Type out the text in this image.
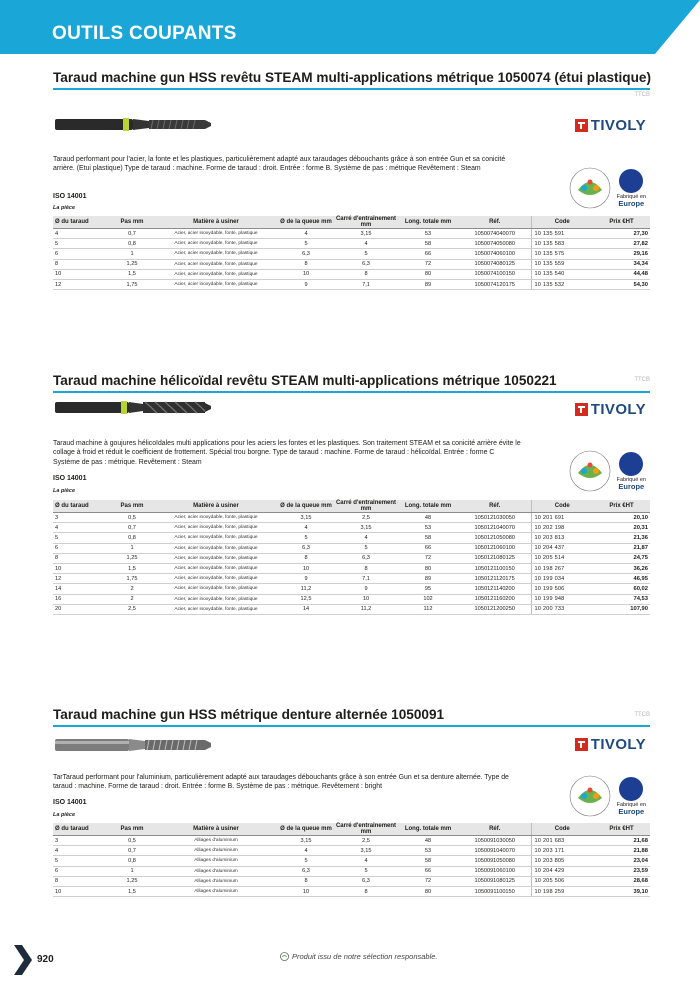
OUTILS COUPANTS
Taraud machine gun HSS revêtu STEAM multi-applications métrique 1050074 (étui plastique)
TTCB
TIVOLY
Taraud performant pour l'acier, la fonte et les plastiques, particulièrement adapté aux taraudages débouchants grâce à son entrée Gun et sa conicité arrière. (Etui plastique) Type de taraud : machine. Forme de taraud : droit. Entrée : forme B. Système de pas : métrique Revêtement : Steam
Fabriqué en
Europe
ISO 14001
La pièce
Ø du taraud	Pas mm	Matière à usiner	Ø de la queue mm	Carré d'entraînement mm	Long. totale mm	Réf.	Code	Prix €HT
4	0,7	Acier, acier inoxydable, fonte, plastique	4	3,15	53	1050074040070	10 135 591	27,30
5	0,8	Acier, acier inoxydable, fonte, plastique	5	4	58	1050074050080	10 135 583	27,82
6	1	Acier, acier inoxydable, fonte, plastique	6,3	5	66	1050074060100	10 135 575	29,16
8	1,25	Acier, acier inoxydable, fonte, plastique	8	6,3	72	1050074080125	10 135 559	34,34
10	1,5	Acier, acier inoxydable, fonte, plastique	10	8	80	1050074100150	10 135 540	44,48
12	1,75	Acier, acier inoxydable, fonte, plastique	9	7,1	89	1050074120175	10 135 532	54,30
Taraud machine hélicoïdal revêtu STEAM multi-applications métrique 1050221	TTCB
TIVOLY
Taraud machine à goujures hélicoïdales multi applications pour les aciers les fontes et les plastiques. Son traitement STEAM et sa conicité arrière évite le collage à froid et réduit le coefficient de frottement. Spécial trou borgne. Type de taraud : machine. Forme de taraud : hélicoïdal. Entrée : forme C Système de pas : métrique. Revêtement : Steam
Fabriqué en
Europe
ISO 14001
La pièce
Ø du taraud	Pas mm	Matière à usiner	Ø de la queue mm	Carré d'entraînement mm	Long. totale mm	Réf.	Code	Prix €HT
3	0,5	Acier, acier inoxydable, fonte, plastique	3,15	2,5	48	1050121030050	10 201 691	20,10
4	0,7	Acier, acier inoxydable, fonte, plastique	4	3,15	53	1050121040070	10 202 198	20,31
5	0,8	Acier, acier inoxydable, fonte, plastique	5	4	58	1050121050080	10 203 813	21,36
6	1	Acier, acier inoxydable, fonte, plastique	6,3	5	66	1050121060100	10 204 437	21,87
8	1,25	Acier, acier inoxydable, fonte, plastique	8	6,3	72	1050121080125	10 205 514	24,75
10	1,5	Acier, acier inoxydable, fonte, plastique	10	8	80	1050121100150	10 198 267	36,26
12	1,75	Acier, acier inoxydable, fonte, plastique	9	7,1	89	1050121120175	10 199 034	46,95
14	2	Acier, acier inoxydable, fonte, plastique	11,2	9	95	1050121140200	10 199 506	60,02
16	2	Acier, acier inoxydable, fonte, plastique	12,5	10	102	1050121160200	10 199 948	74,53
20	2,5	Acier, acier inoxydable, fonte, plastique	14	11,2	112	1050121200250	10 200 733	107,90
Taraud machine gun HSS métrique denture alternée 1050091	TTCB
TIVOLY
TarTaraud performant pour l'aluminium, particulièrement adapté aux taraudages débouchants grâce à son entrée Gun et sa denture alternée. Type de taraud : machine. Forme de taraud : droit. Entrée : forme B. Système de pas : métrique. Revêtement : bright
Fabriqué en
Europe
ISO 14001
La pièce
Ø du taraud	Pas mm	Matière à usiner	Ø de la queue mm	Carré d'entraînement mm	Long. totale mm	Réf.	Code	Prix €HT
3	0,5	Alliages d'aluminium	3,15	2,5	48	1050091030050	10 201 683	21,68
4	0,7	Alliages d'aluminium	4	3,15	53	1050091040070	10 203 171	21,88
5	0,8	Alliages d'aluminium	5	4	58	1050091050080	10 203 805	23,04
6	1	Alliages d'aluminium	6,3	5	66	1050091060100	10 204 429	23,59
8	1,25	Alliages d'aluminium	8	6,3	72	1050091080125	10 205 506	28,68
10	1,5	Alliages d'aluminium	10	8	80	1050091100150	10 198 259	39,10
920	Produit issu de notre sélection responsable.
